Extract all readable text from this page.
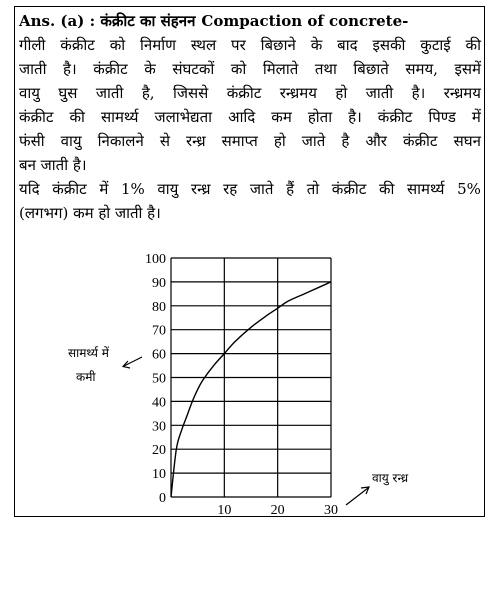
Ans. (a) : कंक्रीट का संहनन Compaction of concrete-
गीली कंक्रीट को निर्माण स्थल पर बिछाने के बाद इसकी कुटाई की
जाती है। कंक्रीट के संघटकों को मिलाते तथा बिछाते समय, इसमें
वायु घुस जाती है, जिससे कंक्रीट रन्ध्रमय हो जाती है। रन्ध्रमय
कंक्रीट की सामर्थ्य जलाभेद्यता आदि कम होता है। कंक्रीट पिण्ड में
फंसी वायु निकालने से रन्ध्र समाप्त हो जाते है और कंक्रीट सघन
बन जाती है।
यदि कंक्रीट में 1% वायु रन्ध्र रह जाते हैं तो कंक्रीट की सामर्थ्य 5%
(लगभग) कम हो जाती है।
0
10
20
30
40
50
60
70
80
90
100
10	20	30
सामर्थ्य में
कमी
वायु रन्ध्र
